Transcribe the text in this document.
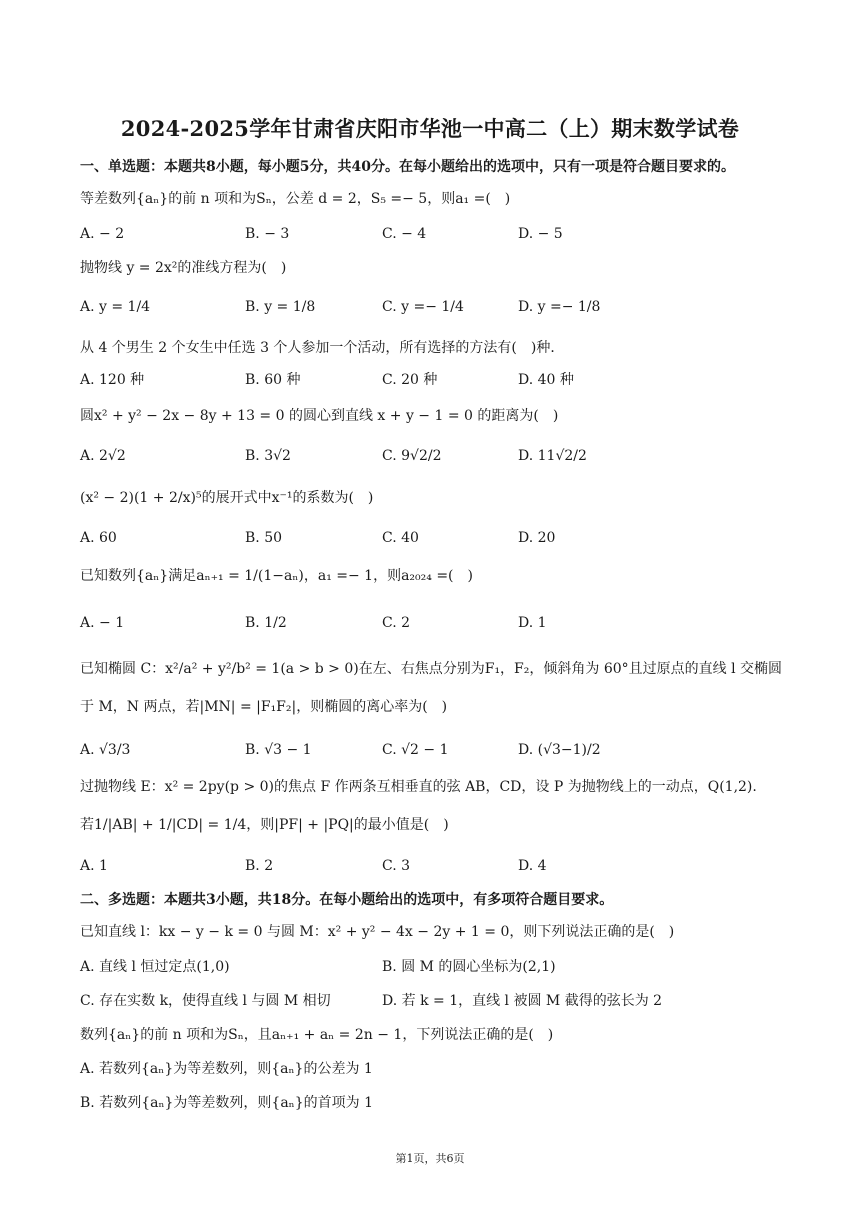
2024-2025学年甘肃省庆阳市华池一中高二（上）期末数学试卷
一、单选题：本题共8小题，每小题5分，共40分。在每小题给出的选项中，只有一项是符合题目要求的。
等差数列{aₙ}的前 n 项和为Sₙ，公差 d = 2，S₅ =− 5，则a₁ =(　)
A. − 2	B. − 3	C. − 4	D. − 5
抛物线 y = 2x²的准线方程为(　)
A. y = 1/4	B. y = 1/8	C. y =− 1/4	D. y =− 1/8
从 4 个男生 2 个女生中任选 3 个人参加一个活动，所有选择的方法有(　)种．
A. 120 种	B. 60 种	C. 20 种	D. 40 种
圆x² + y² − 2x − 8y + 13 = 0 的圆心到直线 x + y − 1 = 0 的距离为(　)
A. 2√2	B. 3√2	C. 9√2/2	D. 11√2/2
(x² − 2)(1 + 2/x)⁵的展开式中x⁻¹的系数为(　)
A. 60	B. 50	C. 40	D. 20
已知数列{aₙ}满足aₙ₊₁ = 1/(1−aₙ)，a₁ =− 1，则a₂₀₂₄ =(　)
A. − 1	B. 1/2	C. 2	D. 1
已知椭圆 C：x²/a² + y²/b² = 1(a > b > 0)在左、右焦点分别为F₁，F₂，倾斜角为 60°且过原点的直线 l 交椭圆
于 M，N 两点，若|MN| = |F₁F₂|，则椭圆的离心率为(　)
A. √3/3	B. √3 − 1	C. √2 − 1	D. (√3−1)/2
过抛物线 E：x² = 2py(p > 0)的焦点 F 作两条互相垂直的弦 AB，CD，设 P 为抛物线上的一动点，Q(1,2).
若1/|AB| + 1/|CD| = 1/4，则|PF| + |PQ|的最小值是(　)
A. 1	B. 2	C. 3	D. 4
二、多选题：本题共3小题，共18分。在每小题给出的选项中，有多项符合题目要求。
已知直线 l：kx − y − k = 0 与圆 M：x² + y² − 4x − 2y + 1 = 0，则下列说法正确的是(　)
A. 直线 l 恒过定点(1,0)	B. 圆 M 的圆心坐标为(2,1)
C. 存在实数 k，使得直线 l 与圆 M 相切	D. 若 k = 1，直线 l 被圆 M 截得的弦长为 2
数列{aₙ}的前 n 项和为Sₙ，且aₙ₊₁ + aₙ = 2n − 1，下列说法正确的是(　)
A. 若数列{aₙ}为等差数列，则{aₙ}的公差为 1
B. 若数列{aₙ}为等差数列，则{aₙ}的首项为 1
第1页，共6页
